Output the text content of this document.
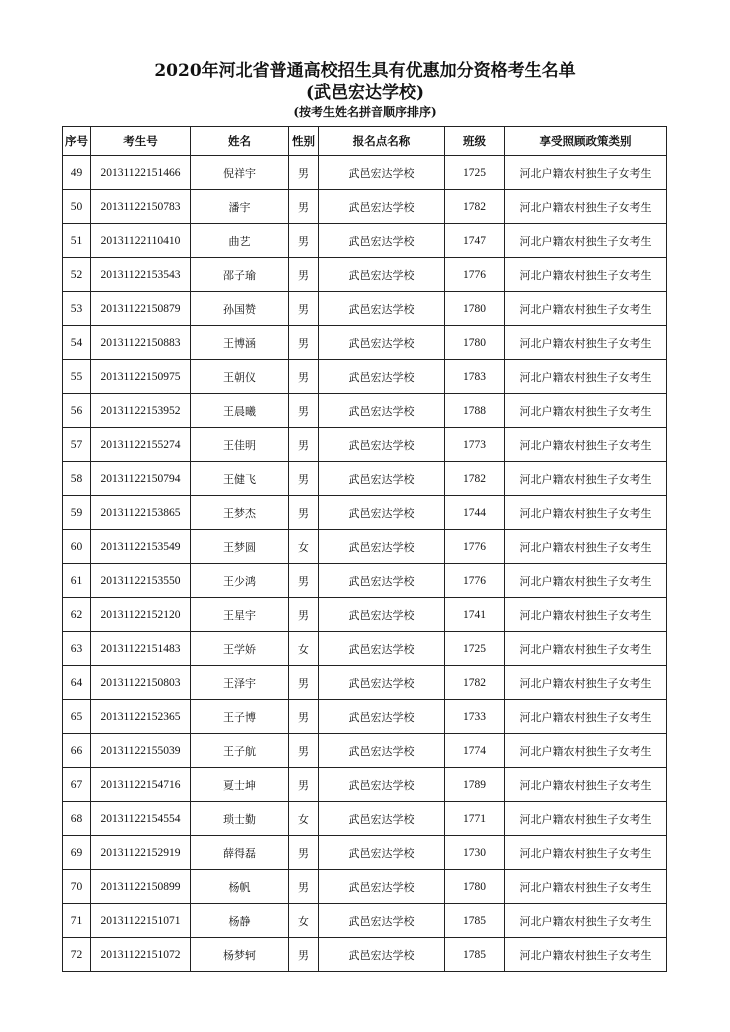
2020年河北省普通高校招生具有优惠加分资格考生名单
(武邑宏达学校)
(按考生姓名拼音顺序排序)
序号	考生号	姓名	性别	报名点名称	班级	享受照顾政策类别
49	20131122151466	倪祥宇	男	武邑宏达学校	1725	河北户籍农村独生子女考生
50	20131122150783	潘宇	男	武邑宏达学校	1782	河北户籍农村独生子女考生
51	20131122110410	曲艺	男	武邑宏达学校	1747	河北户籍农村独生子女考生
52	20131122153543	邵子瑜	男	武邑宏达学校	1776	河北户籍农村独生子女考生
53	20131122150879	孙国赞	男	武邑宏达学校	1780	河北户籍农村独生子女考生
54	20131122150883	王博涵	男	武邑宏达学校	1780	河北户籍农村独生子女考生
55	20131122150975	王朝仪	男	武邑宏达学校	1783	河北户籍农村独生子女考生
56	20131122153952	王晨曦	男	武邑宏达学校	1788	河北户籍农村独生子女考生
57	20131122155274	王佳明	男	武邑宏达学校	1773	河北户籍农村独生子女考生
58	20131122150794	王健飞	男	武邑宏达学校	1782	河北户籍农村独生子女考生
59	20131122153865	王梦杰	男	武邑宏达学校	1744	河北户籍农村独生子女考生
60	20131122153549	王梦圆	女	武邑宏达学校	1776	河北户籍农村独生子女考生
61	20131122153550	王少鸿	男	武邑宏达学校	1776	河北户籍农村独生子女考生
62	20131122152120	王星宇	男	武邑宏达学校	1741	河北户籍农村独生子女考生
63	20131122151483	王学娇	女	武邑宏达学校	1725	河北户籍农村独生子女考生
64	20131122150803	王泽宇	男	武邑宏达学校	1782	河北户籍农村独生子女考生
65	20131122152365	王子博	男	武邑宏达学校	1733	河北户籍农村独生子女考生
66	20131122155039	王子航	男	武邑宏达学校	1774	河北户籍农村独生子女考生
67	20131122154716	夏士坤	男	武邑宏达学校	1789	河北户籍农村独生子女考生
68	20131122154554	琐士勤	女	武邑宏达学校	1771	河北户籍农村独生子女考生
69	20131122152919	薛得磊	男	武邑宏达学校	1730	河北户籍农村独生子女考生
70	20131122150899	杨帆	男	武邑宏达学校	1780	河北户籍农村独生子女考生
71	20131122151071	杨静	女	武邑宏达学校	1785	河北户籍农村独生子女考生
72	20131122151072	杨梦轲	男	武邑宏达学校	1785	河北户籍农村独生子女考生
